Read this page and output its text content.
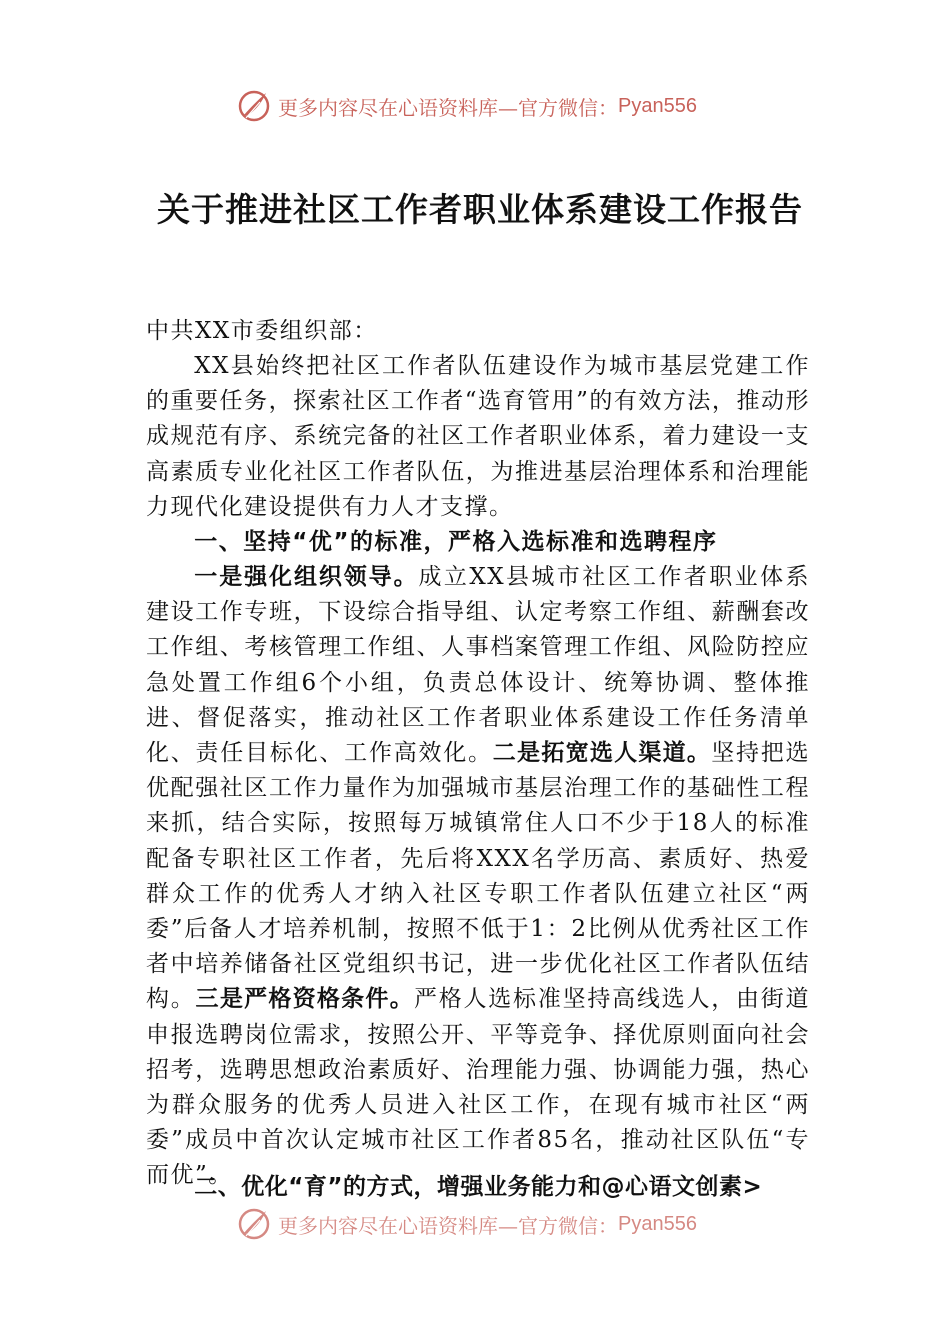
更多内容尽在心语资料库—官方微信： Pyan556
关于推进社区工作者职业体系建设工作报告
中共XX市委组织部：
XX县始终把社区工作者队伍建设作为城市基层党建工作的重要任务，探索社区工作者“选育管用”的有效方法，推动形成规范有序、系统完备的社区工作者职业体系，着力建设一支高素质专业化社区工作者队伍，为推进基层治理体系和治理能力现代化建设提供有力人才支撑。
一、坚持“优”的标准，严格入选标准和选聘程序
一是强化组织领导。成立XX县城市社区工作者职业体系建设工作专班，下设综合指导组、认定考察工作组、薪酬套改工作组、考核管理工作组、人事档案管理工作组、风险防控应急处置工作组6个小组，负责总体设计、统筹协调、整体推进、督促落实，推动社区工作者职业体系建设工作任务清单化、责任目标化、工作高效化。二是拓宽选人渠道。坚持把选优配强社区工作力量作为加强城市基层治理工作的基础性工程来抓，结合实际，按照每万城镇常住人口不少于18人的标准配备专职社区工作者，先后将XXX名学历高、素质好、热爱群众工作的优秀人才纳入社区专职工作者队伍建立社区“两委”后备人才培养机制，按照不低于1：2比例从优秀社区工作者中培养储备社区党组织书记，进一步优化社区工作者队伍结构。三是严格资格条件。严格人选标准坚持高线选人，由街道申报选聘岗位需求，按照公开、平等竞争、择优原则面向社会招考，选聘思想政治素质好、治理能力强、协调能力强，热心为群众服务的优秀人员进入社区工作，在现有城市社区“两委”成员中首次认定城市社区工作者85名，推动社区队伍“专而优”。
二、优化“育”的方式，增强业务能力和@心语文创素>
更多内容尽在心语资料库—官方微信： Pyan556
